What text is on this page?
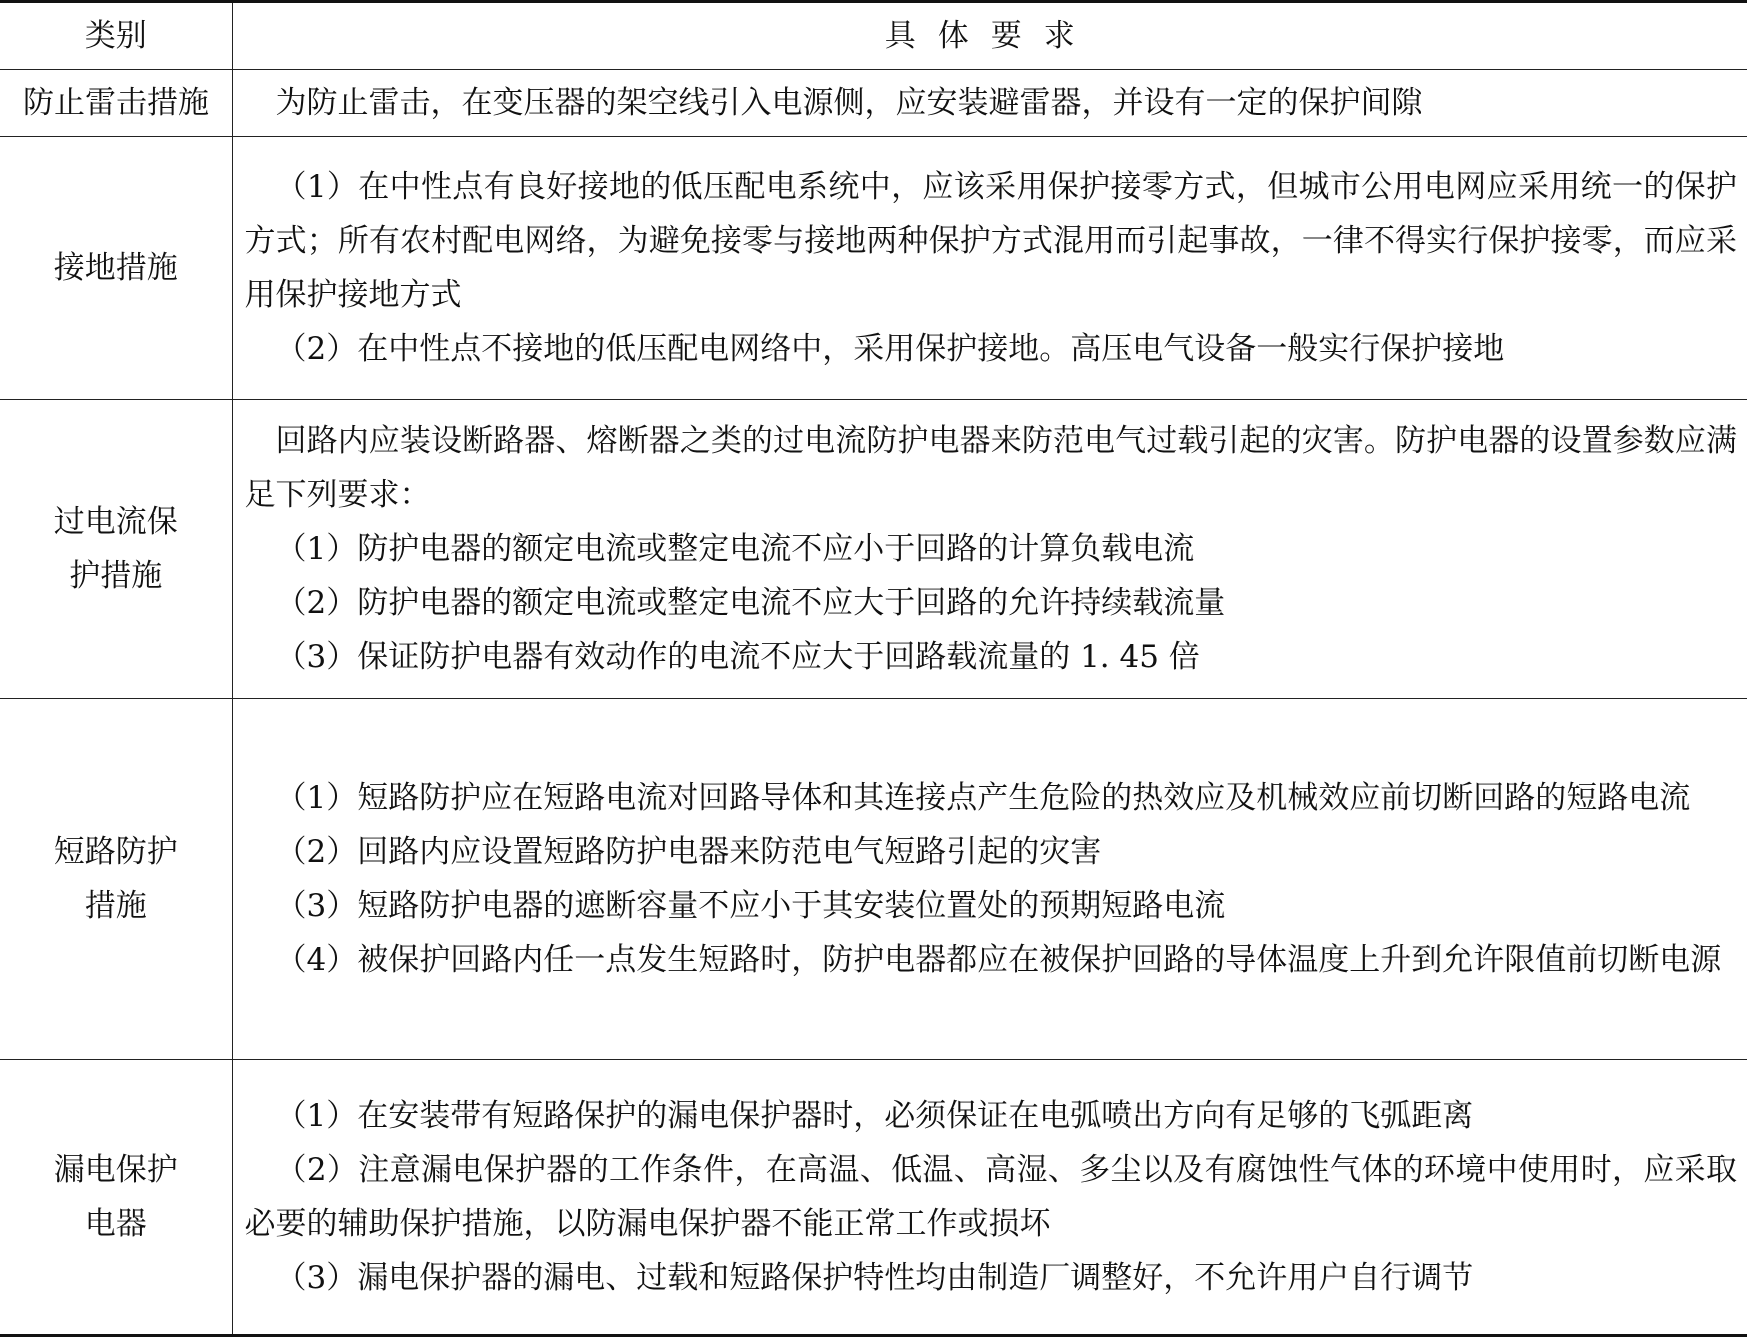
类别	具体要求
防止雷击措施	为防止雷击，在变压器的架空线引入电源侧，应安装避雷器，并设有一定的保护间隙

接地措施	（1）在中性点有良好接地的低压配电系统中，应该采用保护接零方式，但城市公用电网应采用统一的保护方式；所有农村配电网络，为避免接零与接地两种保护方式混用而引起事故，一律不得实行保护接零，而应采用保护接地方式
（2）在中性点不接地的低压配电网络中，采用保护接地。高压电气设备一般实行保护接地

过电流保护措施	回路内应装设断路器、熔断器之类的过电流防护电器来防范电气过载引起的灾害。防护电器的设置参数应满足下列要求：
（1）防护电器的额定电流或整定电流不应小于回路的计算负载电流
（2）防护电器的额定电流或整定电流不应大于回路的允许持续载流量
（3）保证防护电器有效动作的电流不应大于回路载流量的 1. 45 倍

短路防护措施	（1）短路防护应在短路电流对回路导体和其连接点产生危险的热效应及机械效应前切断回路的短路电流
（2）回路内应设置短路防护电器来防范电气短路引起的灾害
（3）短路防护电器的遮断容量不应小于其安装位置处的预期短路电流
（4）被保护回路内任一点发生短路时，防护电器都应在被保护回路的导体温度上升到允许限值前切断电源

漏电保护电器	（1）在安装带有短路保护的漏电保护器时，必须保证在电弧喷出方向有足够的飞弧距离
（2）注意漏电保护器的工作条件，在高温、低温、高湿、多尘以及有腐蚀性气体的环境中使用时，应采取必要的辅助保护措施，以防漏电保护器不能正常工作或损坏
（3）漏电保护器的漏电、过载和短路保护特性均由制造厂调整好，不允许用户自行调节
